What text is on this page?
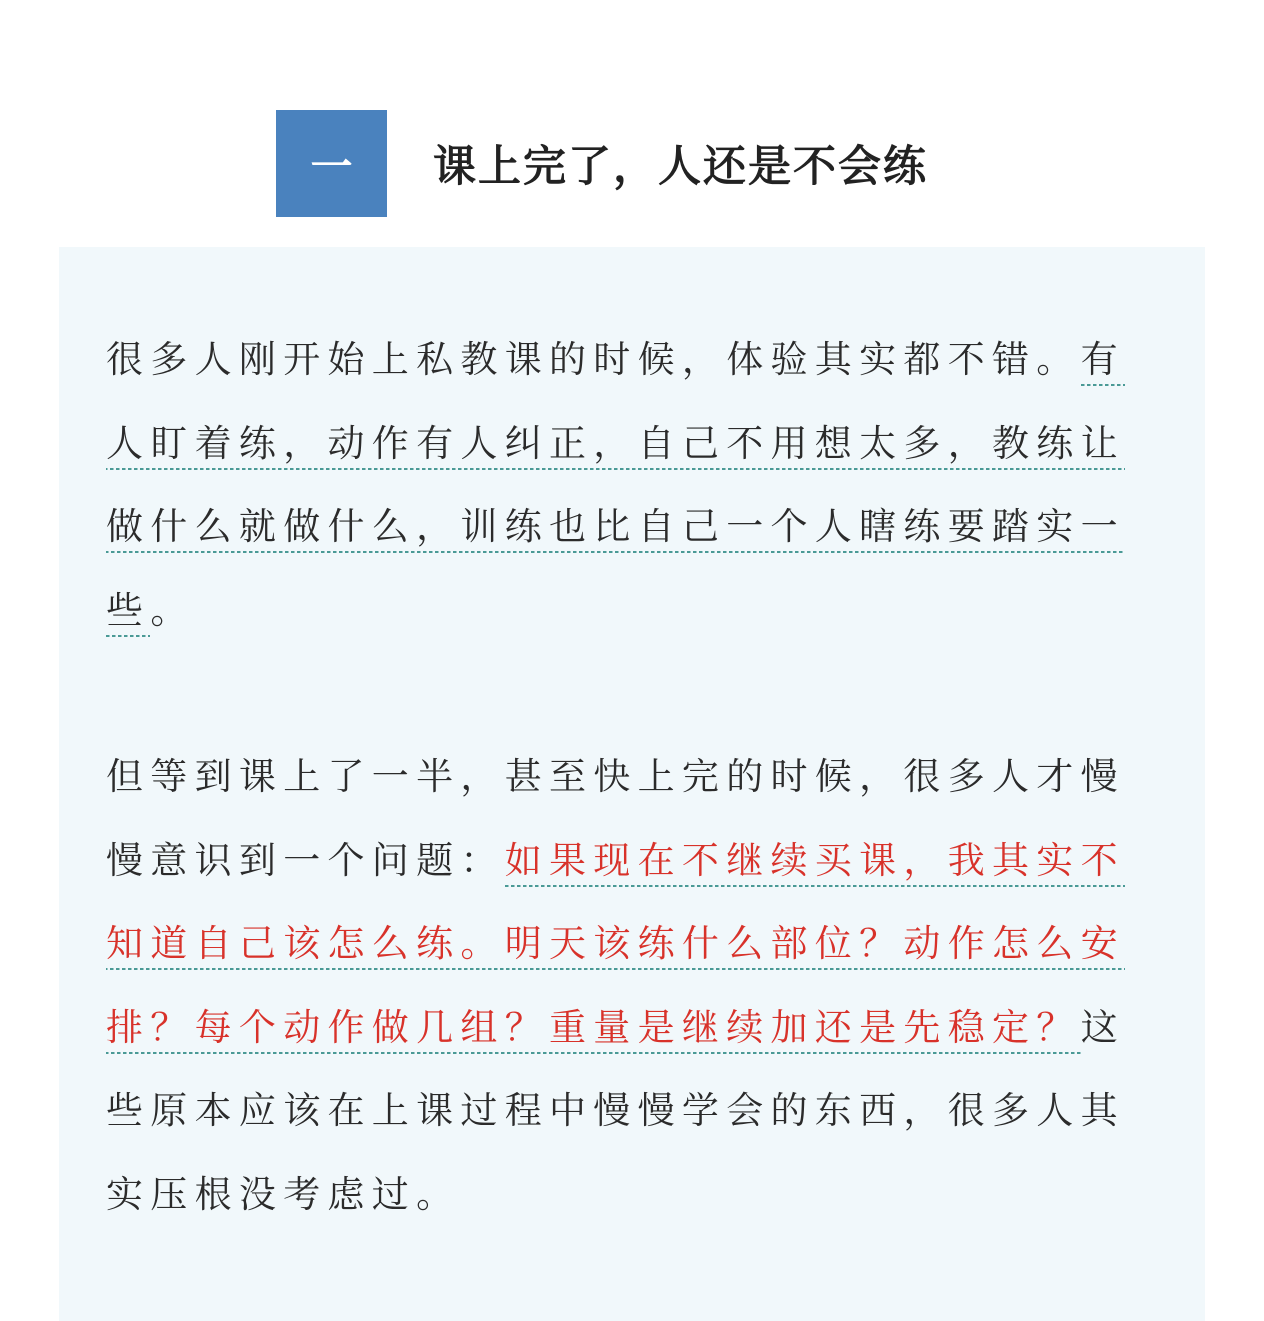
一 课上完了，人还是不会练

很多人刚开始上私教课的时候，体验其实都不错。有人盯着练，动作有人纠正，自己不用想太多，教练让做什么就做什么，训练也比自己一个人瞎练要踏实一些。

但等到课上了一半，甚至快上完的时候，很多人才慢慢意识到一个问题：如果现在不继续买课，我其实不知道自己该怎么练。明天该练什么部位？动作怎么安排？每个动作做几组？重量是继续加还是先稳定？这些原本应该在上课过程中慢慢学会的东西，很多人其实压根没考虑过。
